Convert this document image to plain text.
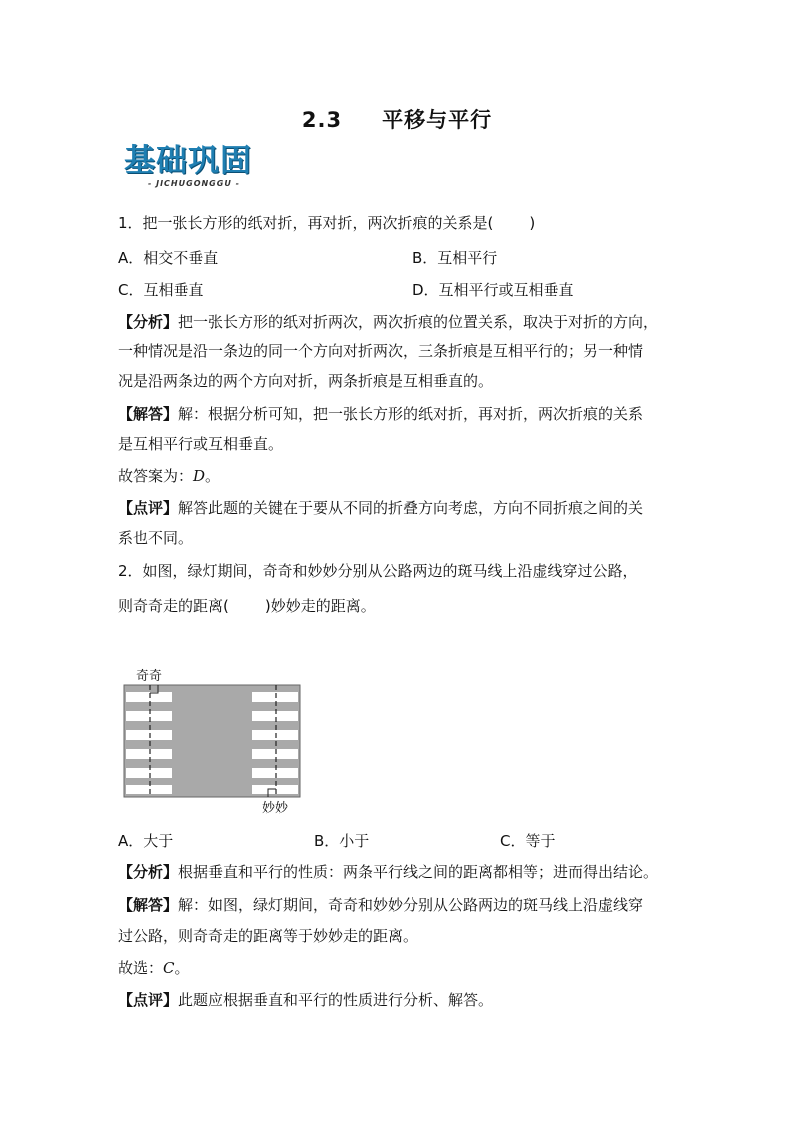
2.3 平移与平行
基础巩固
- JICHUGONGGU -
1．把一张长方形的纸对折，再对折，两次折痕的关系是( )
A．相交不垂直	B．互相平行
C．互相垂直	D．互相平行或互相垂直
【分析】把一张长方形的纸对折两次，两次折痕的位置关系，取决于对折的方向，
一种情况是沿一条边的同一个方向对折两次，三条折痕是互相平行的；另一种情
况是沿两条边的两个方向对折，两条折痕是互相垂直的。
【解答】解：根据分析可知，把一张长方形的纸对折，再对折，两次折痕的关系
是互相平行或互相垂直。
故答案为：D。
【点评】解答此题的关键在于要从不同的折叠方向考虑，方向不同折痕之间的关
系也不同。
2．如图，绿灯期间，奇奇和妙妙分别从公路两边的斑马线上沿虚线穿过公路，
则奇奇走的距离( )妙妙走的距离。
奇奇
妙妙
A．大于	B．小于	C．等于
【分析】根据垂直和平行的性质：两条平行线之间的距离都相等；进而得出结论。
【解答】解：如图，绿灯期间，奇奇和妙妙分别从公路两边的斑马线上沿虚线穿
过公路，则奇奇走的距离等于妙妙走的距离。
故选：C。
【点评】此题应根据垂直和平行的性质进行分析、解答。
